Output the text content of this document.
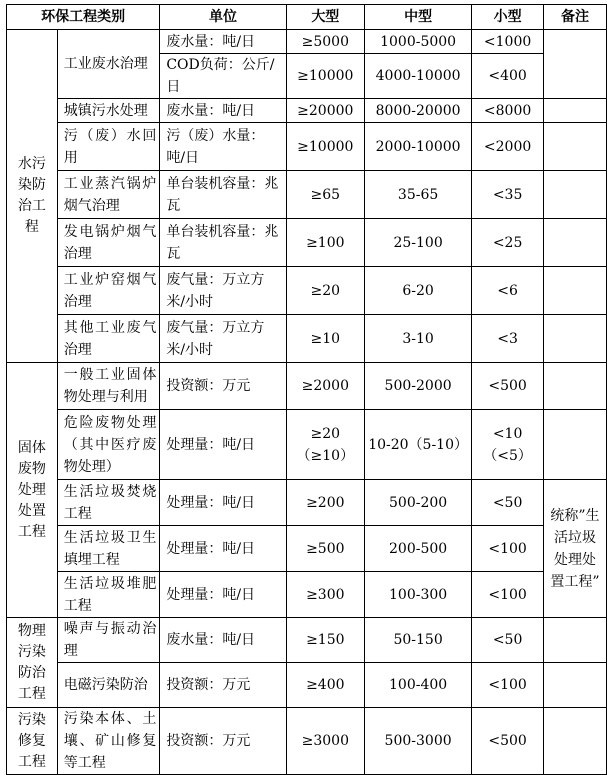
环保工程类别		单位	大型	中型	小型	备注
水污染防治工程	工业废水治理	废水量：吨/日	≥5000	1000-5000	<1000	
		COD负荷：公斤/日	≥10000	4000-10000	<400	
	城镇污水处理	废水量：吨/日	≥20000	8000-20000	<8000	
	污（废）水回用	污（废）水量：吨/日	≥10000	2000-10000	<2000	
	工业蒸汽锅炉烟气治理	单台装机容量：兆瓦	≥65	35-65	<35	
	发电锅炉烟气治理	单台装机容量：兆瓦	≥100	25-100	<25	
	工业炉窑烟气治理	废气量：万立方米/小时	≥20	6-20	<6	
	其他工业废气治理	废气量：万立方米/小时	≥10	3-10	<3	
固体废物处理处置工程	一般工业固体物处理与利用	投资额：万元	≥2000	500-2000	<500	
	危险废物处理（其中医疗废物处理）	处理量：吨/日	≥20（≥10）	10-20（5-10）	<10（<5）	
	生活垃圾焚烧工程	处理量：吨/日	≥200	500-200	<50	统称”生活垃圾处理处置工程”
	生活垃圾卫生填埋工程	处理量：吨/日	≥500	200-500	<100	
	生活垃圾堆肥工程	处理量：吨/日	≥300	100-300	<100	
物理污染防治工程	噪声与振动治理	废水量：吨/日	≥150	50-150	<50	
	电磁污染防治	投资额：万元	≥400	100-400	<100	
污染修复工程	污染本体、土壤、矿山修复等工程	投资额：万元	≥3000	500-3000	<500	
